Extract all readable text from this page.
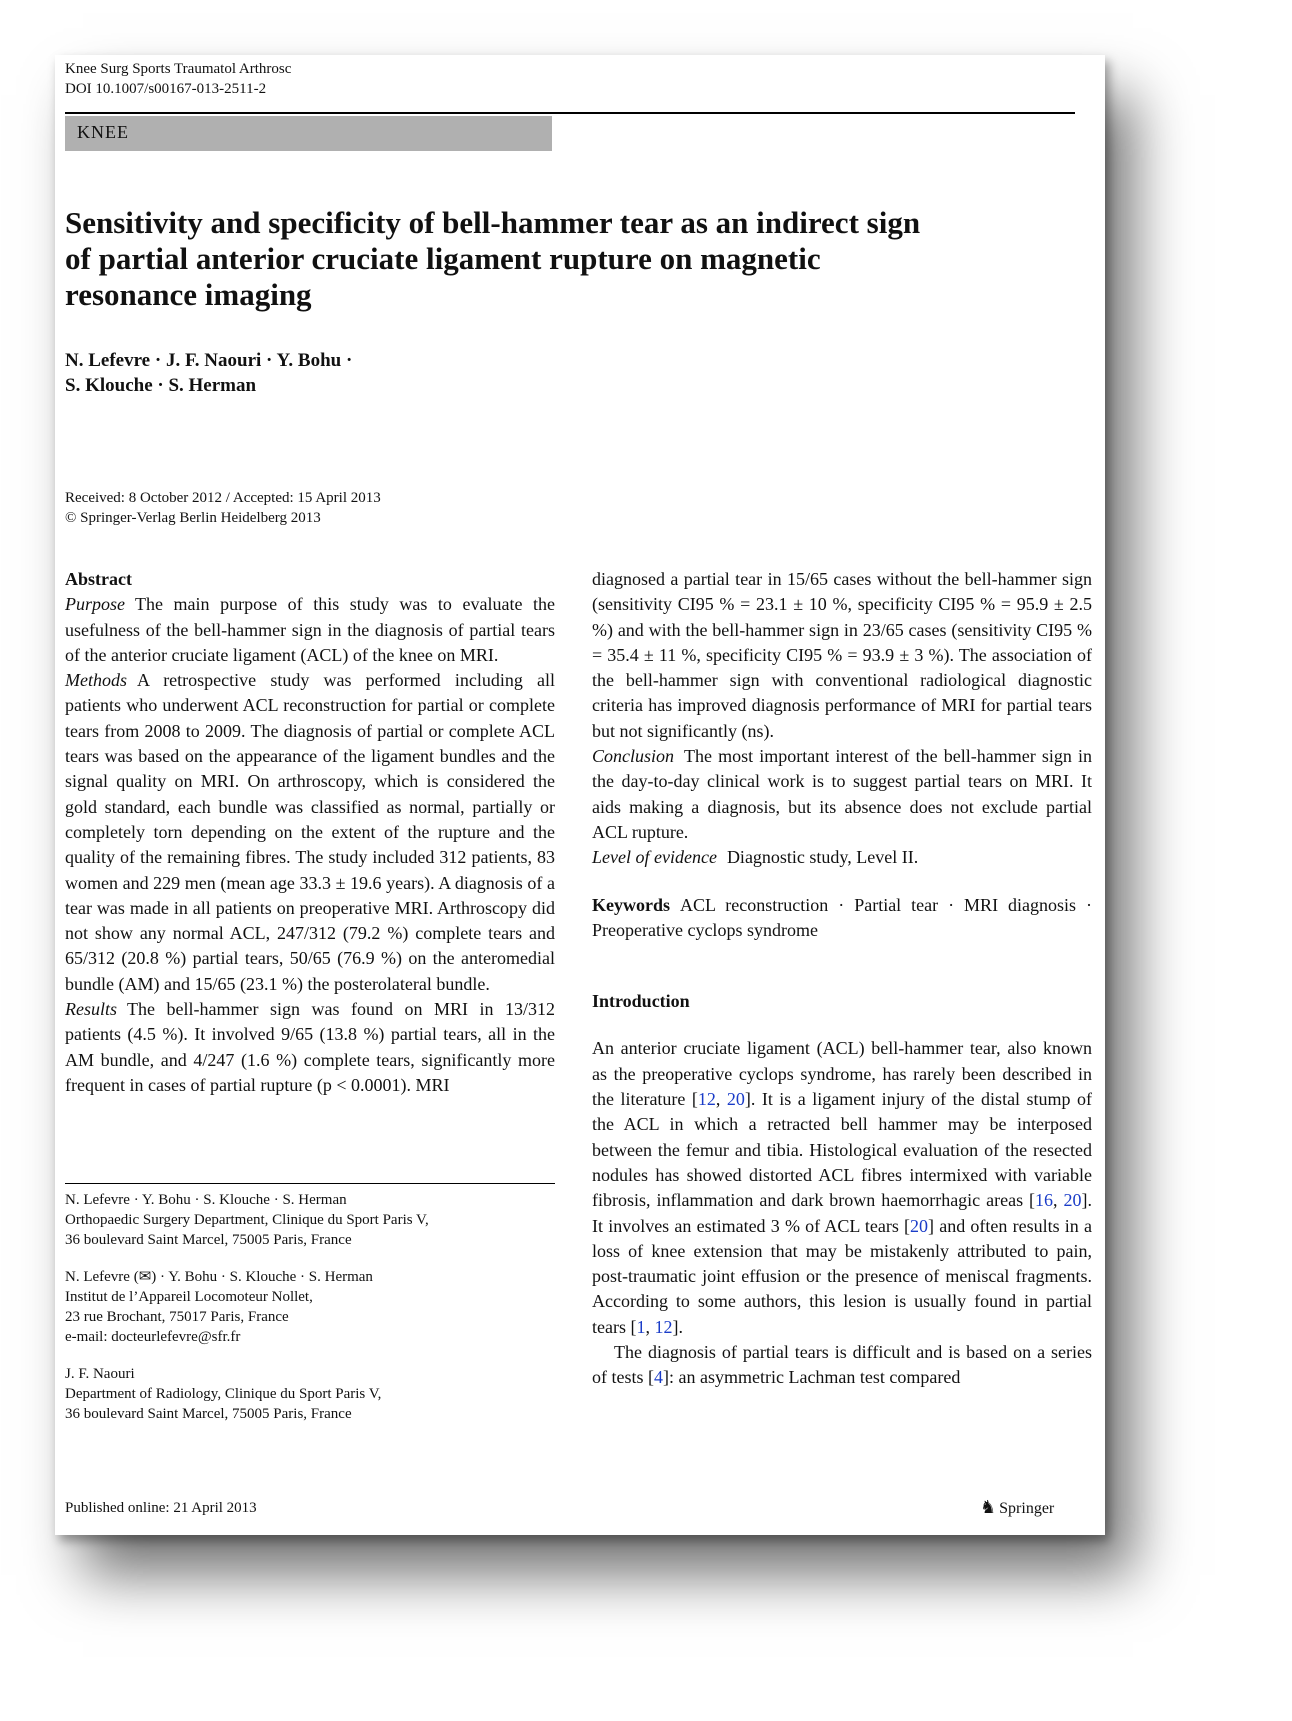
Knee Surg Sports Traumatol Arthrosc
DOI 10.1007/s00167-013-2511-2
KNEE
Sensitivity and specificity of bell-hammer tear as an indirect sign
of partial anterior cruciate ligament rupture on magnetic
resonance imaging
N. Lefevre · J. F. Naouri · Y. Bohu ·
S. Klouche · S. Herman
Received: 8 October 2012 / Accepted: 15 April 2013
© Springer-Verlag Berlin Heidelberg 2013

Abstract

Purpose The main purpose of this study was to evaluate the usefulness of the bell-hammer sign in the diagnosis of partial tears of the anterior cruciate ligament (ACL) of the knee on MRI.

Methods A retrospective study was performed including all patients who underwent ACL reconstruction for partial or complete tears from 2008 to 2009. The diagnosis of partial or complete ACL tears was based on the appearance of the ligament bundles and the signal quality on MRI. On arthroscopy, which is considered the gold standard, each bundle was classified as normal, partially or completely torn depending on the extent of the rupture and the quality of the remaining fibres. The study included 312 patients, 83 women and 229 men (mean age 33.3 ± 19.6 years). A diagnosis of a tear was made in all patients on preoperative MRI. Arthroscopy did not show any normal ACL, 247/312 (79.2 %) complete tears and 65/312 (20.8 %) partial tears, 50/65 (76.9 %) on the anteromedial bundle (AM) and 15/65 (23.1 %) the posterolateral bundle.

Results The bell-hammer sign was found on MRI in 13/312 patients (4.5 %). It involved 9/65 (13.8 %) partial tears, all in the AM bundle, and 4/247 (1.6 %) complete tears, significantly more frequent in cases of partial rupture (p < 0.0001). MRI

N. Lefevre · Y. Bohu · S. Klouche · S. Herman
Orthopaedic Surgery Department, Clinique du Sport Paris V,
36 boulevard Saint Marcel, 75005 Paris, France
N. Lefevre (✉) · Y. Bohu · S. Klouche · S. Herman
Institut de l’Appareil Locomoteur Nollet,
23 rue Brochant, 75017 Paris, France
e-mail: docteurlefevre@sfr.fr
J. F. Naouri
Department of Radiology, Clinique du Sport Paris V,
36 boulevard Saint Marcel, 75005 Paris, France

diagnosed a partial tear in 15/65 cases without the bell-hammer sign (sensitivity CI95 % = 23.1 ± 10 %, specificity CI95 % = 95.9 ± 2.5 %) and with the bell-hammer sign in 23/65 cases (sensitivity CI95 % = 35.4 ± 11 %, specificity CI95 % = 93.9 ± 3 %). The association of the bell-hammer sign with conventional radiological diagnostic criteria has improved diagnosis performance of MRI for partial tears but not significantly (ns).

Conclusion The most important interest of the bell-hammer sign in the day-to-day clinical work is to suggest partial tears on MRI. It aids making a diagnosis, but its absence does not exclude partial ACL rupture.

Level of evidence Diagnostic study, Level II.

Keywords ACL reconstruction · Partial tear · MRI diagnosis · Preoperative cyclops syndrome

Introduction

An anterior cruciate ligament (ACL) bell-hammer tear, also known as the preoperative cyclops syndrome, has rarely been described in the literature [12, 20]. It is a ligament injury of the distal stump of the ACL in which a retracted bell hammer may be interposed between the femur and tibia. Histological evaluation of the resected nodules has showed distorted ACL fibres intermixed with variable fibrosis, inflammation and dark brown haemorrhagic areas [16, 20]. It involves an estimated 3 % of ACL tears [20] and often results in a loss of knee extension that may be mistakenly attributed to pain, post-traumatic joint effusion or the presence of meniscal fragments. According to some authors, this lesion is usually found in partial tears [1, 12].

The diagnosis of partial tears is difficult and is based on a series of tests [4]: an asymmetric Lachman test compared

Published online: 21 April 2013	♞ Springer
